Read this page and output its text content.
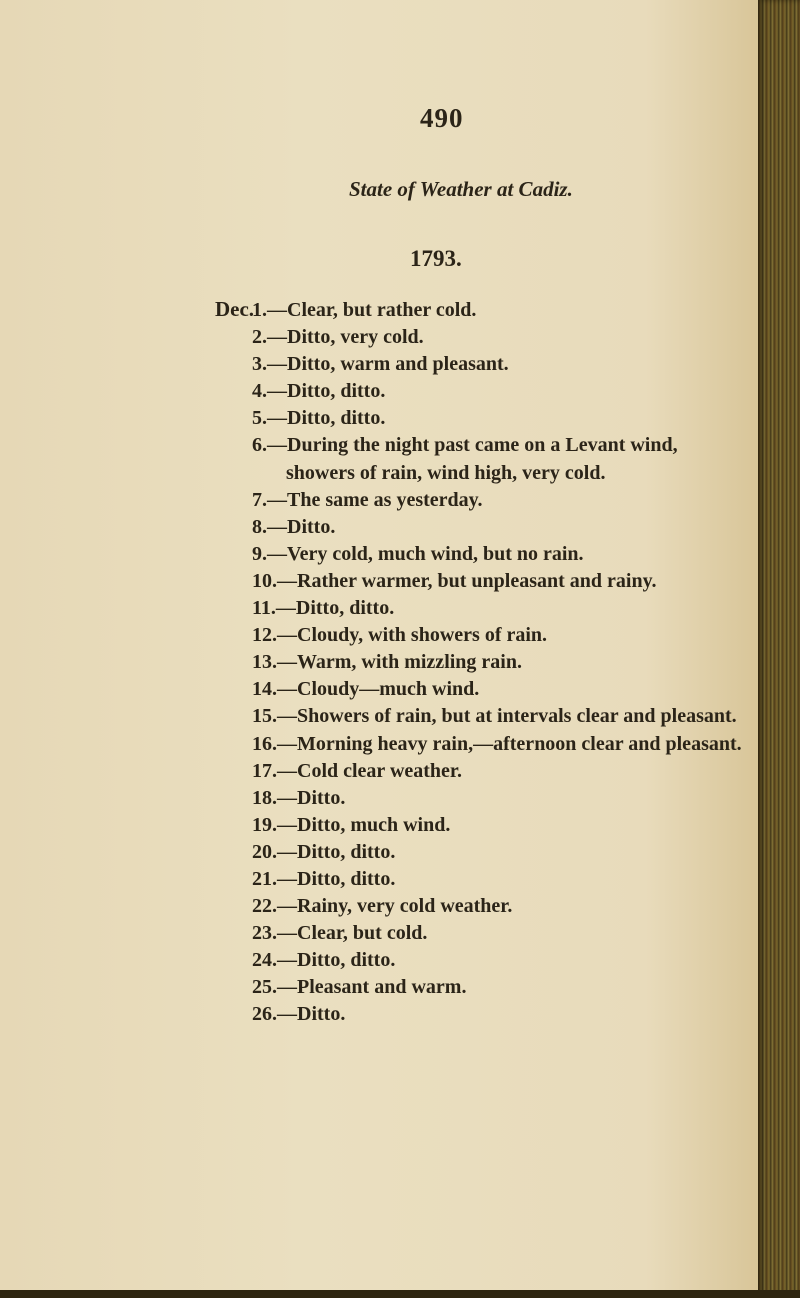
490
State of Weather at Cadiz.
1793.
Dec.
1.—Clear, but rather cold.
2.—Ditto, very cold.
3.—Ditto, warm and pleasant.
4.—Ditto, ditto.
5.—Ditto, ditto.
6.—During the night past came on a Levant wind,
showers of rain, wind high, very cold.
7.—The same as yesterday.
8.—Ditto.
9.—Very cold, much wind, but no rain.
10.—Rather warmer, but unpleasant and rainy.
11.—Ditto, ditto.
12.—Cloudy, with showers of rain.
13.—Warm, with mizzling rain.
14.—Cloudy—much wind.
15.—Showers of rain, but at intervals clear and pleasant.
16.—Morning heavy rain,—afternoon clear and pleasant.
17.—Cold clear weather.
18.—Ditto.
19.—Ditto, much wind.
20.—Ditto, ditto.
21.—Ditto, ditto.
22.—Rainy, very cold weather.
23.—Clear, but cold.
24.—Ditto, ditto.
25.—Pleasant and warm.
26.—Ditto.
